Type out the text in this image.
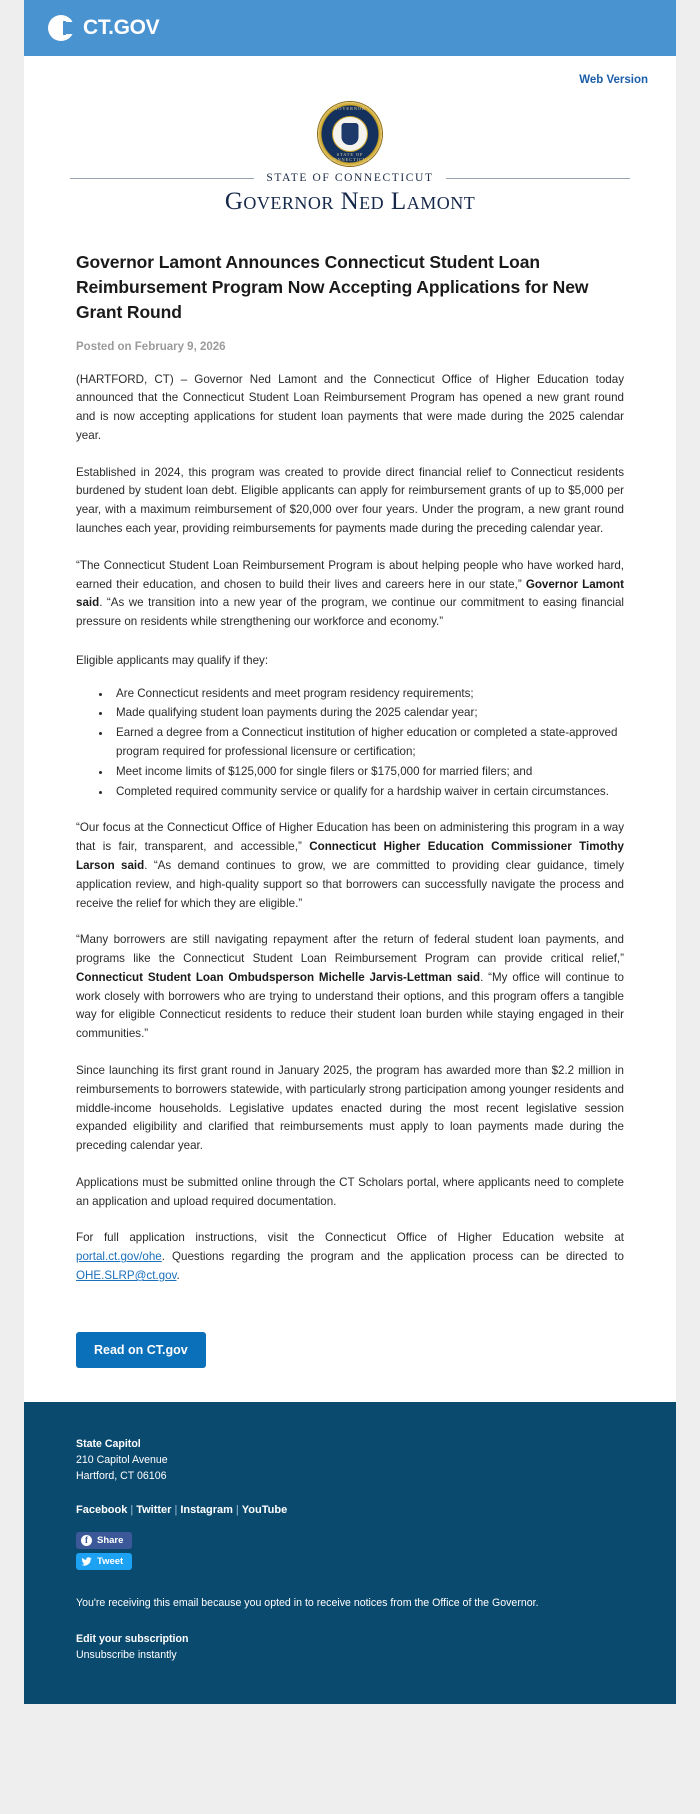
CT.GOV
Web Version
GOVERNOR
STATE OF CONNECTICUT
STATE OF CONNECTICUT
Governor Ned Lamont
Governor Lamont Announces Connecticut Student Loan Reimbursement Program Now Accepting Applications for New Grant Round
Posted on February 9, 2026

(HARTFORD, CT) – Governor Ned Lamont and the Connecticut Office of Higher Education today announced that the Connecticut Student Loan Reimbursement Program has opened a new grant round and is now accepting applications for student loan payments that were made during the 2025 calendar year.

Established in 2024, this program was created to provide direct financial relief to Connecticut residents burdened by student loan debt. Eligible applicants can apply for reimbursement grants of up to $5,000 per year, with a maximum reimbursement of $20,000 over four years. Under the program, a new grant round launches each year, providing reimbursements for payments made during the preceding calendar year.

“The Connecticut Student Loan Reimbursement Program is about helping people who have worked hard, earned their education, and chosen to build their lives and careers here in our state,” Governor Lamont said. “As we transition into a new year of the program, we continue our commitment to easing financial pressure on residents while strengthening our workforce and economy.”

Eligible applicants may qualify if they:

• Are Connecticut residents and meet program residency requirements;
• Made qualifying student loan payments during the 2025 calendar year;
• Earned a degree from a Connecticut institution of higher education or completed a state-approved program required for professional licensure or certification;
• Meet income limits of $125,000 for single filers or $175,000 for married filers; and
• Completed required community service or qualify for a hardship waiver in certain circumstances.

“Our focus at the Connecticut Office of Higher Education has been on administering this program in a way that is fair, transparent, and accessible,” Connecticut Higher Education Commissioner Timothy Larson said. “As demand continues to grow, we are committed to providing clear guidance, timely application review, and high-quality support so that borrowers can successfully navigate the process and receive the relief for which they are eligible.”

“Many borrowers are still navigating repayment after the return of federal student loan payments, and programs like the Connecticut Student Loan Reimbursement Program can provide critical relief,” Connecticut Student Loan Ombudsperson Michelle Jarvis-Lettman said. “My office will continue to work closely with borrowers who are trying to understand their options, and this program offers a tangible way for eligible Connecticut residents to reduce their student loan burden while staying engaged in their communities.”

Since launching its first grant round in January 2025, the program has awarded more than $2.2 million in reimbursements to borrowers statewide, with particularly strong participation among younger residents and middle-income households. Legislative updates enacted during the most recent legislative session expanded eligibility and clarified that reimbursements must apply to loan payments made during the preceding calendar year.

Applications must be submitted online through the CT Scholars portal, where applicants need to complete an application and upload required documentation.

For full application instructions, visit the Connecticut Office of Higher Education website at portal.ct.gov/ohe. Questions regarding the program and the application process can be directed to OHE.SLRP@ct.gov.

Read on CT.gov
State Capitol
210 Capitol Avenue
Hartford, CT 06106
Facebook | Twitter | Instagram | YouTube
f Share

Tweet
You're receiving this email because you opted in to receive notices from the Office of the Governor.
Edit your subscription
Unsubscribe instantly
